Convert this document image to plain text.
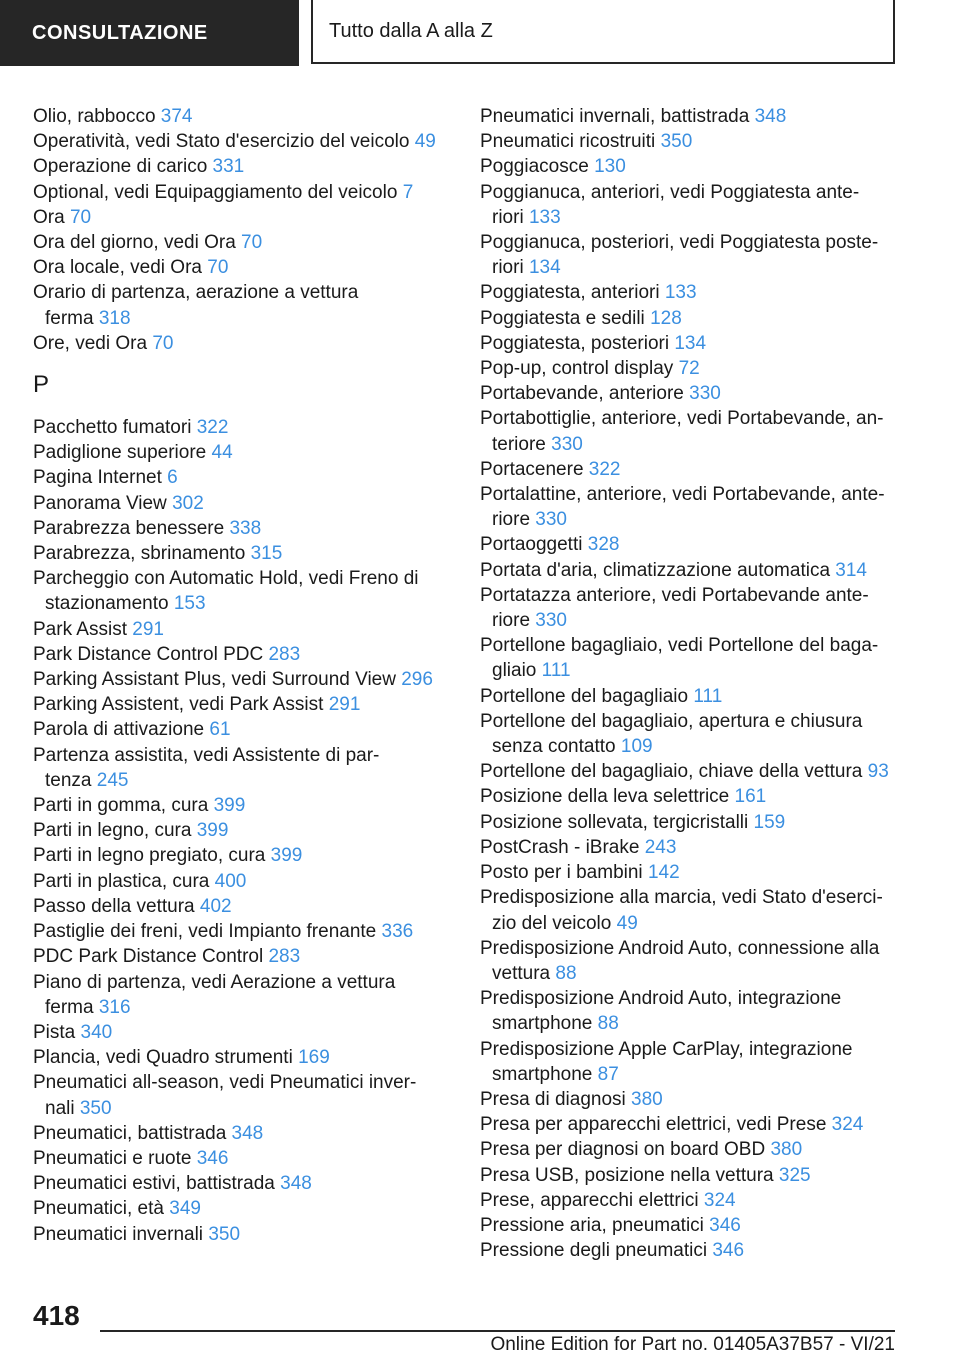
CONSULTAZIONE	Tutto dalla A alla Z
Olio, rabbocco 374
Operatività, vedi Stato d'esercizio del veicolo 49
Operazione di carico 331
Optional, vedi Equipaggiamento del veicolo 7
Ora 70
Ora del giorno, vedi Ora 70
Ora locale, vedi Ora 70
Orario di partenza, aerazione a vettura
ferma 318
Ore, vedi Ora 70
P
Pacchetto fumatori 322
Padiglione superiore 44
Pagina Internet 6
Panorama View 302
Parabrezza benessere 338
Parabrezza, sbrinamento 315
Parcheggio con Automatic Hold, vedi Freno di
stazionamento 153
Park Assist 291
Park Distance Control PDC 283
Parking Assistant Plus, vedi Surround View 296
Parking Assistent, vedi Park Assist 291
Parola di attivazione 61
Partenza assistita, vedi Assistente di par-
tenza 245
Parti in gomma, cura 399
Parti in legno, cura 399
Parti in legno pregiato, cura 399
Parti in plastica, cura 400
Passo della vettura 402
Pastiglie dei freni, vedi Impianto frenante 336
PDC Park Distance Control 283
Piano di partenza, vedi Aerazione a vettura
ferma 316
Pista 340
Plancia, vedi Quadro strumenti 169
Pneumatici all-season, vedi Pneumatici inver-
nali 350
Pneumatici, battistrada 348
Pneumatici e ruote 346
Pneumatici estivi, battistrada 348
Pneumatici, età 349
Pneumatici invernali 350
Pneumatici invernali, battistrada 348
Pneumatici ricostruiti 350
Poggiacosce 130
Poggianuca, anteriori, vedi Poggiatesta ante-
riori 133
Poggianuca, posteriori, vedi Poggiatesta poste-
riori 134
Poggiatesta, anteriori 133
Poggiatesta e sedili 128
Poggiatesta, posteriori 134
Pop-up, control display 72
Portabevande, anteriore 330
Portabottiglie, anteriore, vedi Portabevande, an-
teriore 330
Portacenere 322
Portalattine, anteriore, vedi Portabevande, ante-
riore 330
Portaoggetti 328
Portata d'aria, climatizzazione automatica 314
Portatazza anteriore, vedi Portabevande ante-
riore 330
Portellone bagagliaio, vedi Portellone del baga-
gliaio 111
Portellone del bagagliaio 111
Portellone del bagagliaio, apertura e chiusura
senza contatto 109
Portellone del bagagliaio, chiave della vettura 93
Posizione della leva selettrice 161
Posizione sollevata, tergicristalli 159
PostCrash - iBrake 243
Posto per i bambini 142
Predisposizione alla marcia, vedi Stato d'eserci-
zio del veicolo 49
Predisposizione Android Auto, connessione alla
vettura 88
Predisposizione Android Auto, integrazione
smartphone 88
Predisposizione Apple CarPlay, integrazione
smartphone 87
Presa di diagnosi 380
Presa per apparecchi elettrici, vedi Prese 324
Presa per diagnosi on board OBD 380
Presa USB, posizione nella vettura 325
Prese, apparecchi elettrici 324
Pressione aria, pneumatici 346
Pressione degli pneumatici 346
418
Online Edition for Part no. 01405A37B57 - VI/21
